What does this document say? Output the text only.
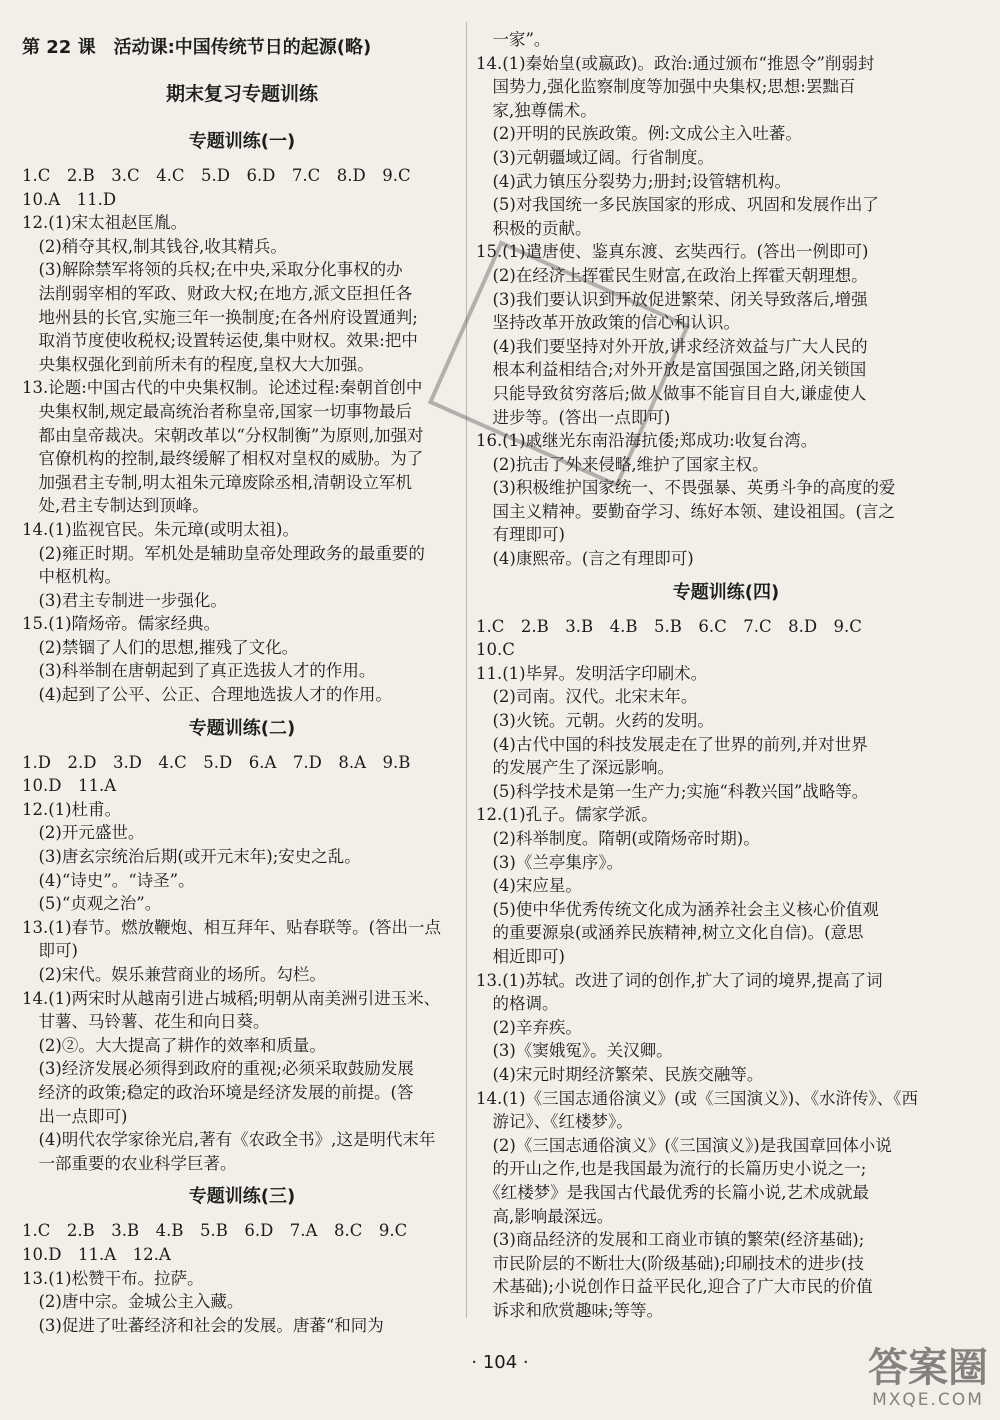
第 22 课　活动课:中国传统节日的起源(略)
期末复习专题训练
专题训练(一)
1.C　2.B　3.C　4.C　5.D　6.D　7.C　8.D　9.C
10.A　11.D
12.(1)宋太祖赵匡胤。
　(2)稍夺其权,制其钱谷,收其精兵。
　(3)解除禁军将领的兵权;在中央,采取分化事权的办
　法削弱宰相的军政、财政大权;在地方,派文臣担任各
　地州县的长官,实施三年一换制度;在各州府设置通判;
　取消节度使收税权;设置转运使,集中财权。效果:把中
　央集权强化到前所未有的程度,皇权大大加强。
13.论题:中国古代的中央集权制。论述过程:秦朝首创中
　央集权制,规定最高统治者称皇帝,国家一切事物最后
　都由皇帝裁决。宋朝改革以“分权制衡”为原则,加强对
　官僚机构的控制,最终缓解了相权对皇权的威胁。为了
　加强君主专制,明太祖朱元璋废除丞相,清朝设立军机
　处,君主专制达到顶峰。
14.(1)监视官民。朱元璋(或明太祖)。
　(2)雍正时期。军机处是辅助皇帝处理政务的最重要的
　中枢机构。
　(3)君主专制进一步强化。
15.(1)隋炀帝。儒家经典。
　(2)禁锢了人们的思想,摧残了文化。
　(3)科举制在唐朝起到了真正选拔人才的作用。
　(4)起到了公平、公正、合理地选拔人才的作用。
专题训练(二)
1.D　2.D　3.D　4.C　5.D　6.A　7.D　8.A　9.B
10.D　11.A
12.(1)杜甫。
　(2)开元盛世。
　(3)唐玄宗统治后期(或开元末年);安史之乱。
　(4)“诗史”。“诗圣”。
　(5)“贞观之治”。
13.(1)春节。燃放鞭炮、相互拜年、贴春联等。(答出一点
　即可)
　(2)宋代。娱乐兼营商业的场所。勾栏。
14.(1)两宋时从越南引进占城稻;明朝从南美洲引进玉米、
　甘薯、马铃薯、花生和向日葵。
　(2)②。大大提高了耕作的效率和质量。
　(3)经济发展必须得到政府的重视;必须采取鼓励发展
　经济的政策;稳定的政治环境是经济发展的前提。(答
　出一点即可)
　(4)明代农学家徐光启,著有《农政全书》,这是明代末年
　一部重要的农业科学巨著。
专题训练(三)
1.C　2.B　3.B　4.B　5.B　6.D　7.A　8.C　9.C
10.D　11.A　12.A
13.(1)松赞干布。拉萨。
　(2)唐中宗。金城公主入藏。
　(3)促进了吐蕃经济和社会的发展。唐蕃“和同为
　一家”。
14.(1)秦始皇(或嬴政)。政治:通过颁布“推恩令”削弱封
　国势力,强化监察制度等加强中央集权;思想:罢黜百
　家,独尊儒术。
　(2)开明的民族政策。例:文成公主入吐蕃。
　(3)元朝疆域辽阔。行省制度。
　(4)武力镇压分裂势力;册封;设管辖机构。
　(5)对我国统一多民族国家的形成、巩固和发展作出了
　积极的贡献。
15.(1)遣唐使、鉴真东渡、玄奘西行。(答出一例即可)
　(2)在经济上挥霍民生财富,在政治上挥霍天朝理想。
　(3)我们要认识到开放促进繁荣、闭关导致落后,增强
　坚持改革开放政策的信心和认识。
　(4)我们要坚持对外开放,讲求经济效益与广大人民的
　根本利益相结合;对外开放是富国强国之路,闭关锁国
　只能导致贫穷落后;做人做事不能盲目自大,谦虚使人
　进步等。(答出一点即可)
16.(1)戚继光东南沿海抗倭;郑成功:收复台湾。
　(2)抗击了外来侵略,维护了国家主权。
　(3)积极维护国家统一、不畏强暴、英勇斗争的高度的爱
　国主义精神。要勤奋学习、练好本领、建设祖国。(言之
　有理即可)
　(4)康熙帝。(言之有理即可)
专题训练(四)
1.C　2.B　3.B　4.B　5.B　6.C　7.C　8.D　9.C
10.C
11.(1)毕昇。发明活字印刷术。
　(2)司南。汉代。北宋末年。
　(3)火铳。元朝。火药的发明。
　(4)古代中国的科技发展走在了世界的前列,并对世界
　的发展产生了深远影响。
　(5)科学技术是第一生产力;实施“科教兴国”战略等。
12.(1)孔子。儒家学派。
　(2)科举制度。隋朝(或隋炀帝时期)。
　(3)《兰亭集序》。
　(4)宋应星。
　(5)使中华优秀传统文化成为涵养社会主义核心价值观
　的重要源泉(或涵养民族精神,树立文化自信)。(意思
　相近即可)
13.(1)苏轼。改进了词的创作,扩大了词的境界,提高了词
　的格调。
　(2)辛弃疾。
　(3)《窦娥冤》。关汉卿。
　(4)宋元时期经济繁荣、民族交融等。
14.(1)《三国志通俗演义》(或《三国演义》)、《水浒传》、《西
　游记》、《红楼梦》。
　(2)《三国志通俗演义》(《三国演义》)是我国章回体小说
　的开山之作,也是我国最为流行的长篇历史小说之一;
　《红楼梦》是我国古代最优秀的长篇小说,艺术成就最
　高,影响最深远。
　(3)商品经济的发展和工商业市镇的繁荣(经济基础);
　市民阶层的不断壮大(阶级基础);印刷技术的进步(技
　术基础);小说创作日益平民化,迎合了广大市民的价值
　诉求和欣赏趣味;等等。
· 104 ·	答案圈
MXQE.COM
